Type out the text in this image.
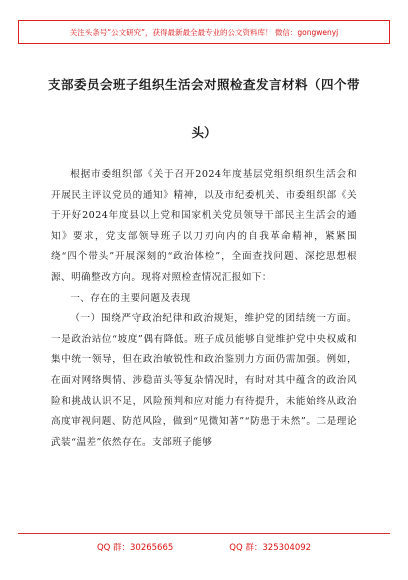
关注头条号“公文研究”，获得最新最全最专业的公文资料库！ 微信：gongwenyj
支部委员会班子组织生活会对照检查发言材料（四个带
头）

根据市委组织部《关于召开2024年度基层党组织组织生活会和开展民主评议党员的通知》精神，以及市纪委机关、市委组织部《关于开好2024年度县以上党和国家机关党员领导干部民主生活会的通知》要求，党支部领导班子以刀刃向内的自我革命精神，紧紧围绕“四个带头”开展深刻的“政治体检”，全面查找问题、深挖思想根源、明确整改方向。现将对照检查情况汇报如下：

一、存在的主要问题及表现

（一）围绕严守政治纪律和政治规矩，维护党的团结统一方面。一是政治站位“坡度”偶有降低。班子成员能够自觉维护党中央权威和集中统一领导，但在政治敏锐性和政治鉴别力方面仍需加强。例如，在面对网络舆情、涉稳苗头等复杂情况时，有时对其中蕴含的政治风险和挑战认识不足，风险预判和应对能力有待提升，未能始终从政治高度审视问题、防范风险，做到“见微知著”“防患于未然”。二是理论武装“温差”依然存在。支部班子能够

QQ 群：30265665	QQ 群：325304092
